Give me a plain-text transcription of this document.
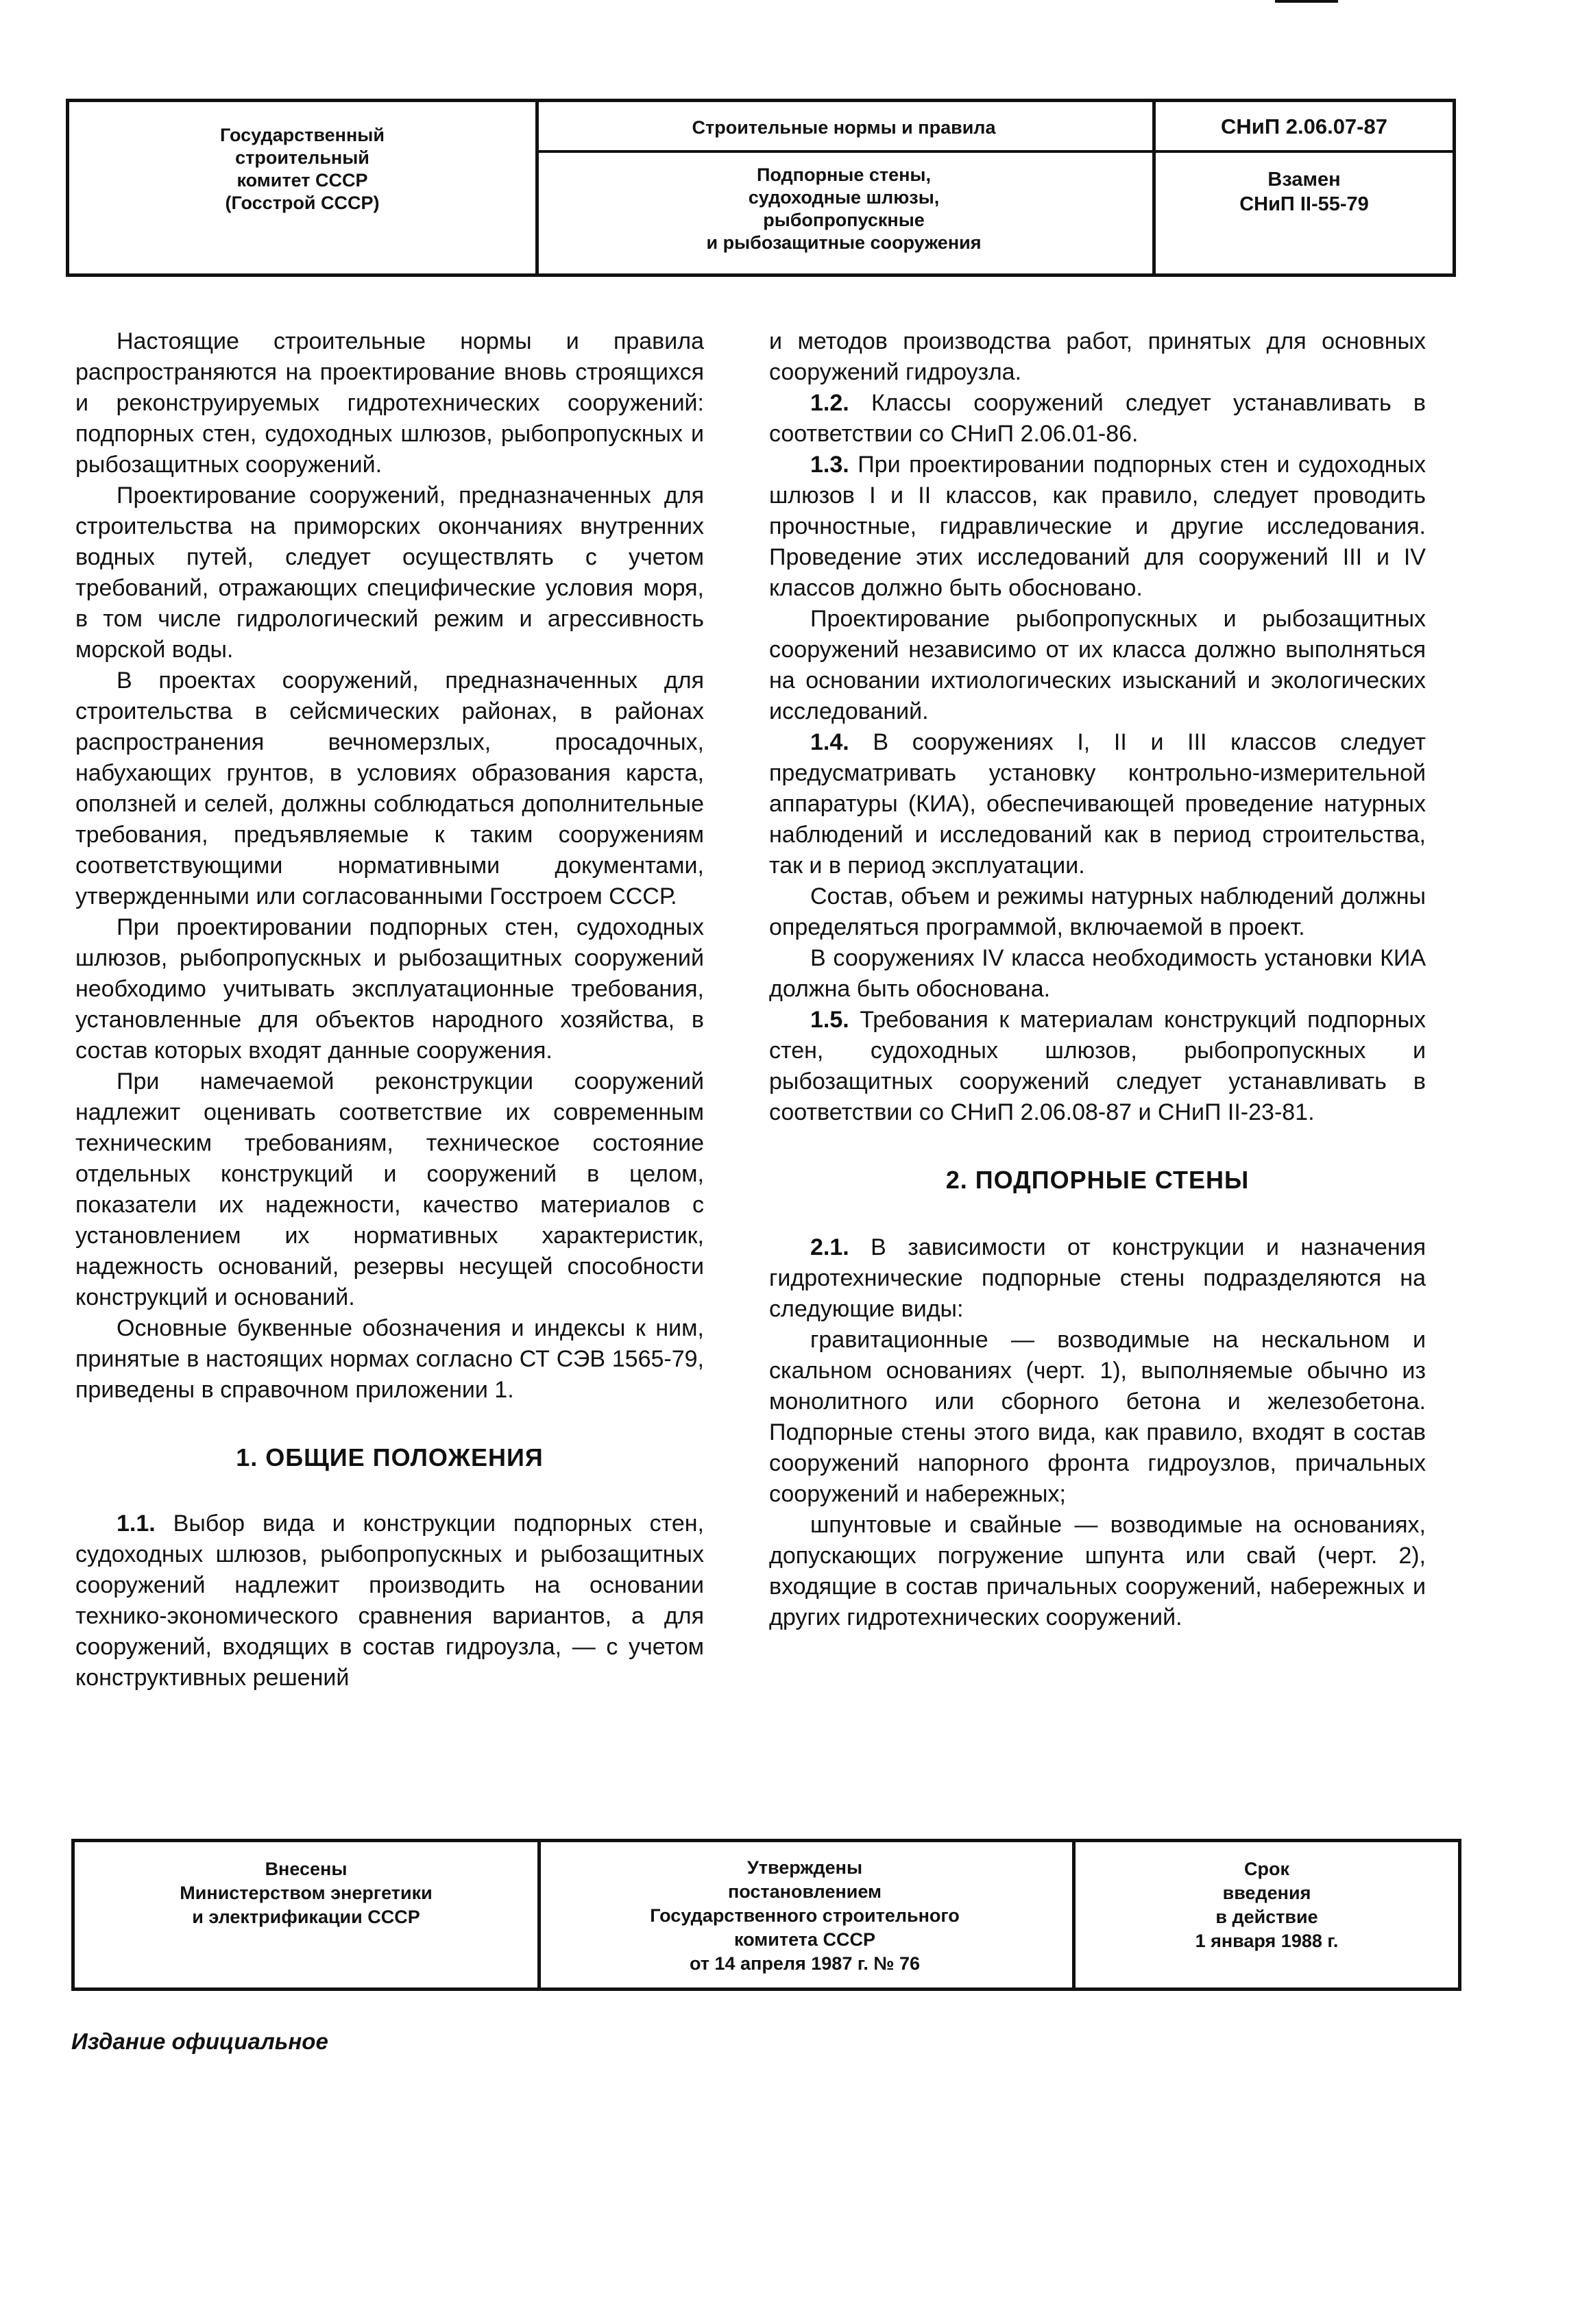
Государственный
строительный
комитет СССР
(Госстрой СССР)
Строительные нормы и правила
Подпорные стены,
судоходные шлюзы,
рыбопропускные
и рыбозащитные сооружения
СНиП 2.06.07-87
Взамен
СНиП II-55-79

Настоящие строительные нормы и правила распространяются на проектирование вновь строящихся и реконструируемых гидротехнических сооружений: подпорных стен, судоходных шлюзов, рыбопропускных и рыбозащитных сооружений.

Проектирование сооружений, предназначенных для строительства на приморских окончаниях внутренних водных путей, следует осуществлять с учетом требований, отражающих специфические условия моря, в том числе гидрологический режим и агрессивность морской воды.

В проектах сооружений, предназначенных для строительства в сейсмических районах, в районах распространения вечномерзлых, просадочных, набухающих грунтов, в условиях образования карста, оползней и селей, должны соблюдаться дополнительные требования, предъявляемые к таким сооружениям соответствующими нормативными документами, утвержденными или согласованными Госстроем СССР.

При проектировании подпорных стен, судоходных шлюзов, рыбопропускных и рыбозащитных сооружений необходимо учитывать эксплуатационные требования, установленные для объектов народного хозяйства, в состав которых входят данные сооружения.

При намечаемой реконструкции сооружений надлежит оценивать соответствие их современным техническим требованиям, техническое состояние отдельных конструкций и сооружений в целом, показатели их надежности, качество материалов с установлением их нормативных характеристик, надежность оснований, резервы несущей способности конструкций и оснований.

Основные буквенные обозначения и индексы к ним, принятые в настоящих нормах согласно СТ СЭВ 1565-79, приведены в справочном приложении 1.

1. ОБЩИЕ ПОЛОЖЕНИЯ

1.1. Выбор вида и конструкции подпорных стен, судоходных шлюзов, рыбопропускных и рыбозащитных сооружений надлежит производить на основании технико-экономического сравнения вариантов, а для сооружений, входящих в состав гидроузла, — с учетом конструктивных решений

и методов производства работ, принятых для основных сооружений гидроузла.

1.2. Классы сооружений следует устанавливать в соответствии со СНиП 2.06.01-86.

1.3. При проектировании подпорных стен и судоходных шлюзов I и II классов, как правило, следует проводить прочностные, гидравлические и другие исследования. Проведение этих исследований для сооружений III и IV классов должно быть обосновано.

Проектирование рыбопропускных и рыбозащитных сооружений независимо от их класса должно выполняться на основании ихтиологических изысканий и экологических исследований.

1.4. В сооружениях I, II и III классов следует предусматривать установку контрольно-измерительной аппаратуры (КИА), обеспечивающей проведение натурных наблюдений и исследований как в период строительства, так и в период эксплуатации.

Состав, объем и режимы натурных наблюдений должны определяться программой, включаемой в проект.

В сооружениях IV класса необходимость установки КИА должна быть обоснована.

1.5. Требования к материалам конструкций подпорных стен, судоходных шлюзов, рыбопропускных и рыбозащитных сооружений следует устанавливать в соответствии со СНиП 2.06.08-87 и СНиП II-23-81.

2. ПОДПОРНЫЕ СТЕНЫ

2.1. В зависимости от конструкции и назначения гидротехнические подпорные стены подразделяются на следующие виды:

гравитационные — возводимые на нескальном и скальном основаниях (черт. 1), выполняемые обычно из монолитного или сборного бетона и железобетона. Подпорные стены этого вида, как правило, входят в состав сооружений напорного фронта гидроузлов, причальных сооружений и набережных;

шпунтовые и свайные — возводимые на основаниях, допускающих погружение шпунта или свай (черт. 2), входящие в состав причальных сооружений, набережных и других гидротехнических сооружений.

Внесены
Министерством энергетики
и электрификации СССР
Утверждены
постановлением
Государственного строительного
комитета СССР
от 14 апреля 1987 г. № 76
Срок
введения
в действие
1 января 1988 г.
Издание официальное
